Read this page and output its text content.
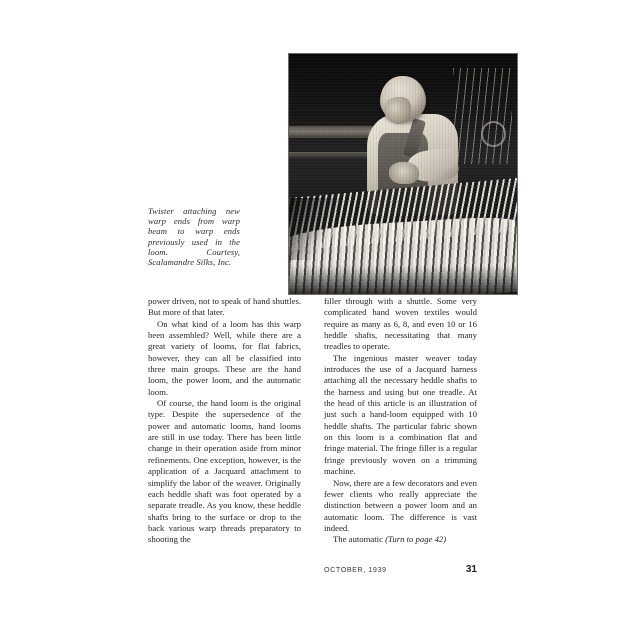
Twister attaching new warp ends from warp beam to warp ends previously used in the loom. Courtesy, Scalamandre Silks, Inc.

power driven, not to speak of hand shuttles. But more of that later.

On what kind of a loom has this warp been assembled? Well, while there are a great variety of looms, for flat fabrics, however, they can all be classified into three main groups. These are the hand loom, the power loom, and the automatic loom.

Of course, the hand loom is the original type. Despite the supersedence of the power and automatic looms, hand looms are still in use today. There has been little change in their operation aside from minor refinements. One exception, however, is the application of a Jacquard attachment to simplify the labor of the weaver. Originally each heddle shaft was foot operated by a separate treadle. As you know, these heddle shafts bring to the surface or drop to the back various warp threads preparatory to shooting the

filler through with a shuttle. Some very complicated hand woven textiles would require as many as 6, 8, and even 10 or 16 heddle shafts, necessitating that many treadles to operate.

The ingenious master weaver today introduces the use of a Jacquard harness attaching all the necessary heddle shafts to the harness and using but one treadle. At the head of this article is an illustration of just such a hand-loom equipped with 10 heddle shafts. The particular fabric shown on this loom is a combination flat and fringe material. The fringe filler is a regular fringe previously woven on a trimming machine.

Now, there are a few decorators and even fewer clients who really appreciate the distinction between a power loom and an automatic loom. The difference is vast indeed.

The automatic (Turn to page 42)

OCTOBER, 1939	31
